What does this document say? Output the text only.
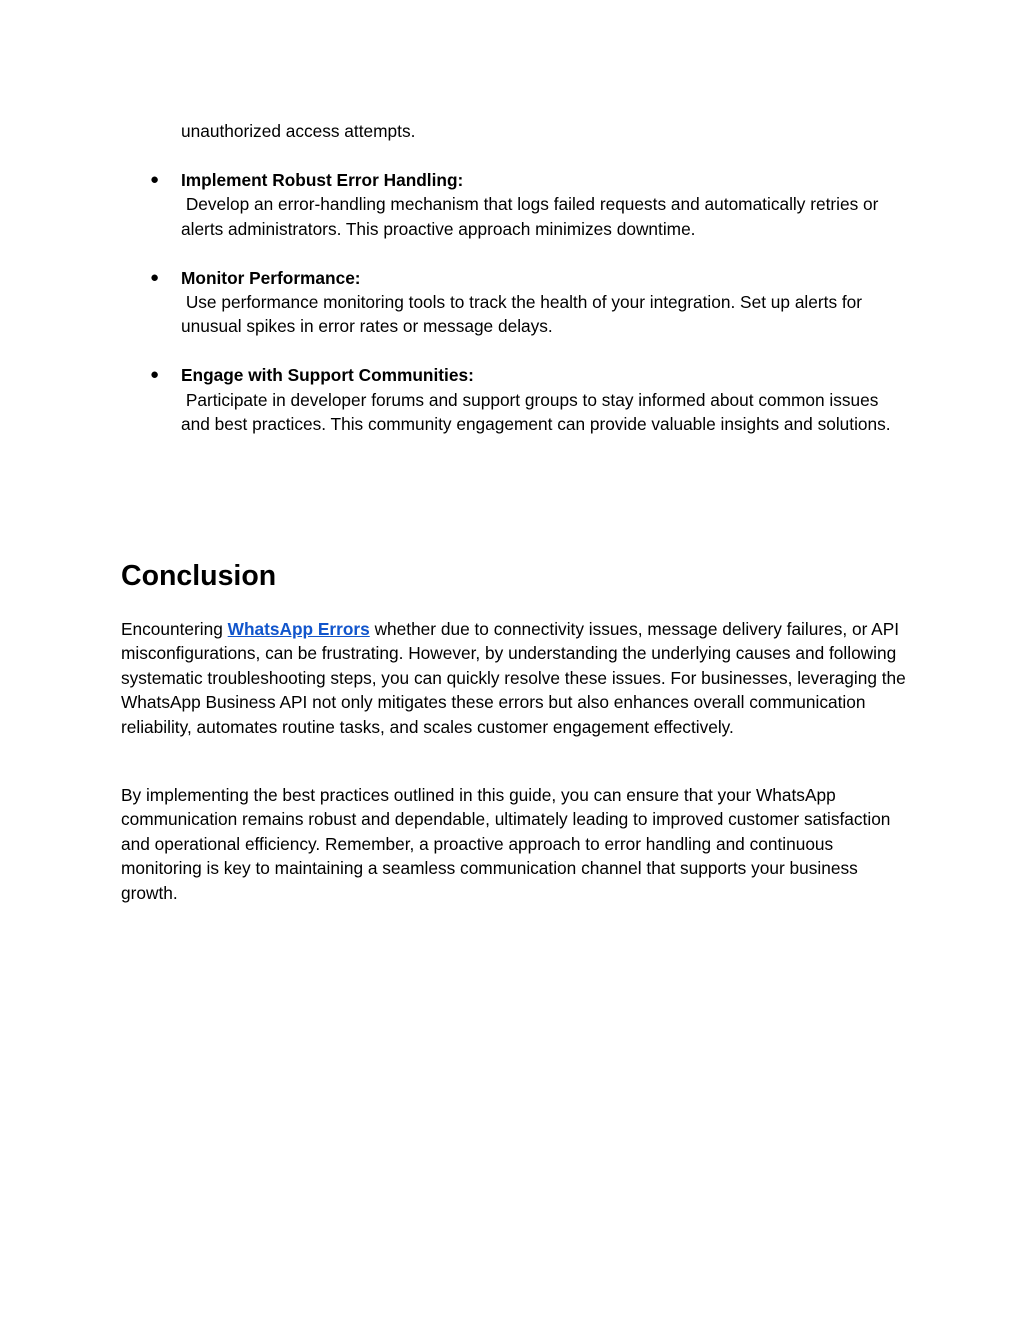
unauthorized access attempts.

● Implement Robust Error Handling:
Develop an error-handling mechanism that logs failed requests and automatically retries or alerts administrators. This proactive approach minimizes downtime.
● Monitor Performance:
Use performance monitoring tools to track the health of your integration. Set up alerts for unusual spikes in error rates or message delays.
● Engage with Support Communities:
Participate in developer forums and support groups to stay informed about common issues and best practices. This community engagement can provide valuable insights and solutions.
Conclusion

Encountering WhatsApp Errors whether due to connectivity issues, message delivery failures, or API misconfigurations, can be frustrating. However, by understanding the underlying causes and following systematic troubleshooting steps, you can quickly resolve these issues. For businesses, leveraging the WhatsApp Business API not only mitigates these errors but also enhances overall communication reliability, automates routine tasks, and scales customer engagement effectively.

By implementing the best practices outlined in this guide, you can ensure that your WhatsApp communication remains robust and dependable, ultimately leading to improved customer satisfaction and operational efficiency. Remember, a proactive approach to error handling and continuous monitoring is key to maintaining a seamless communication channel that supports your business growth.
